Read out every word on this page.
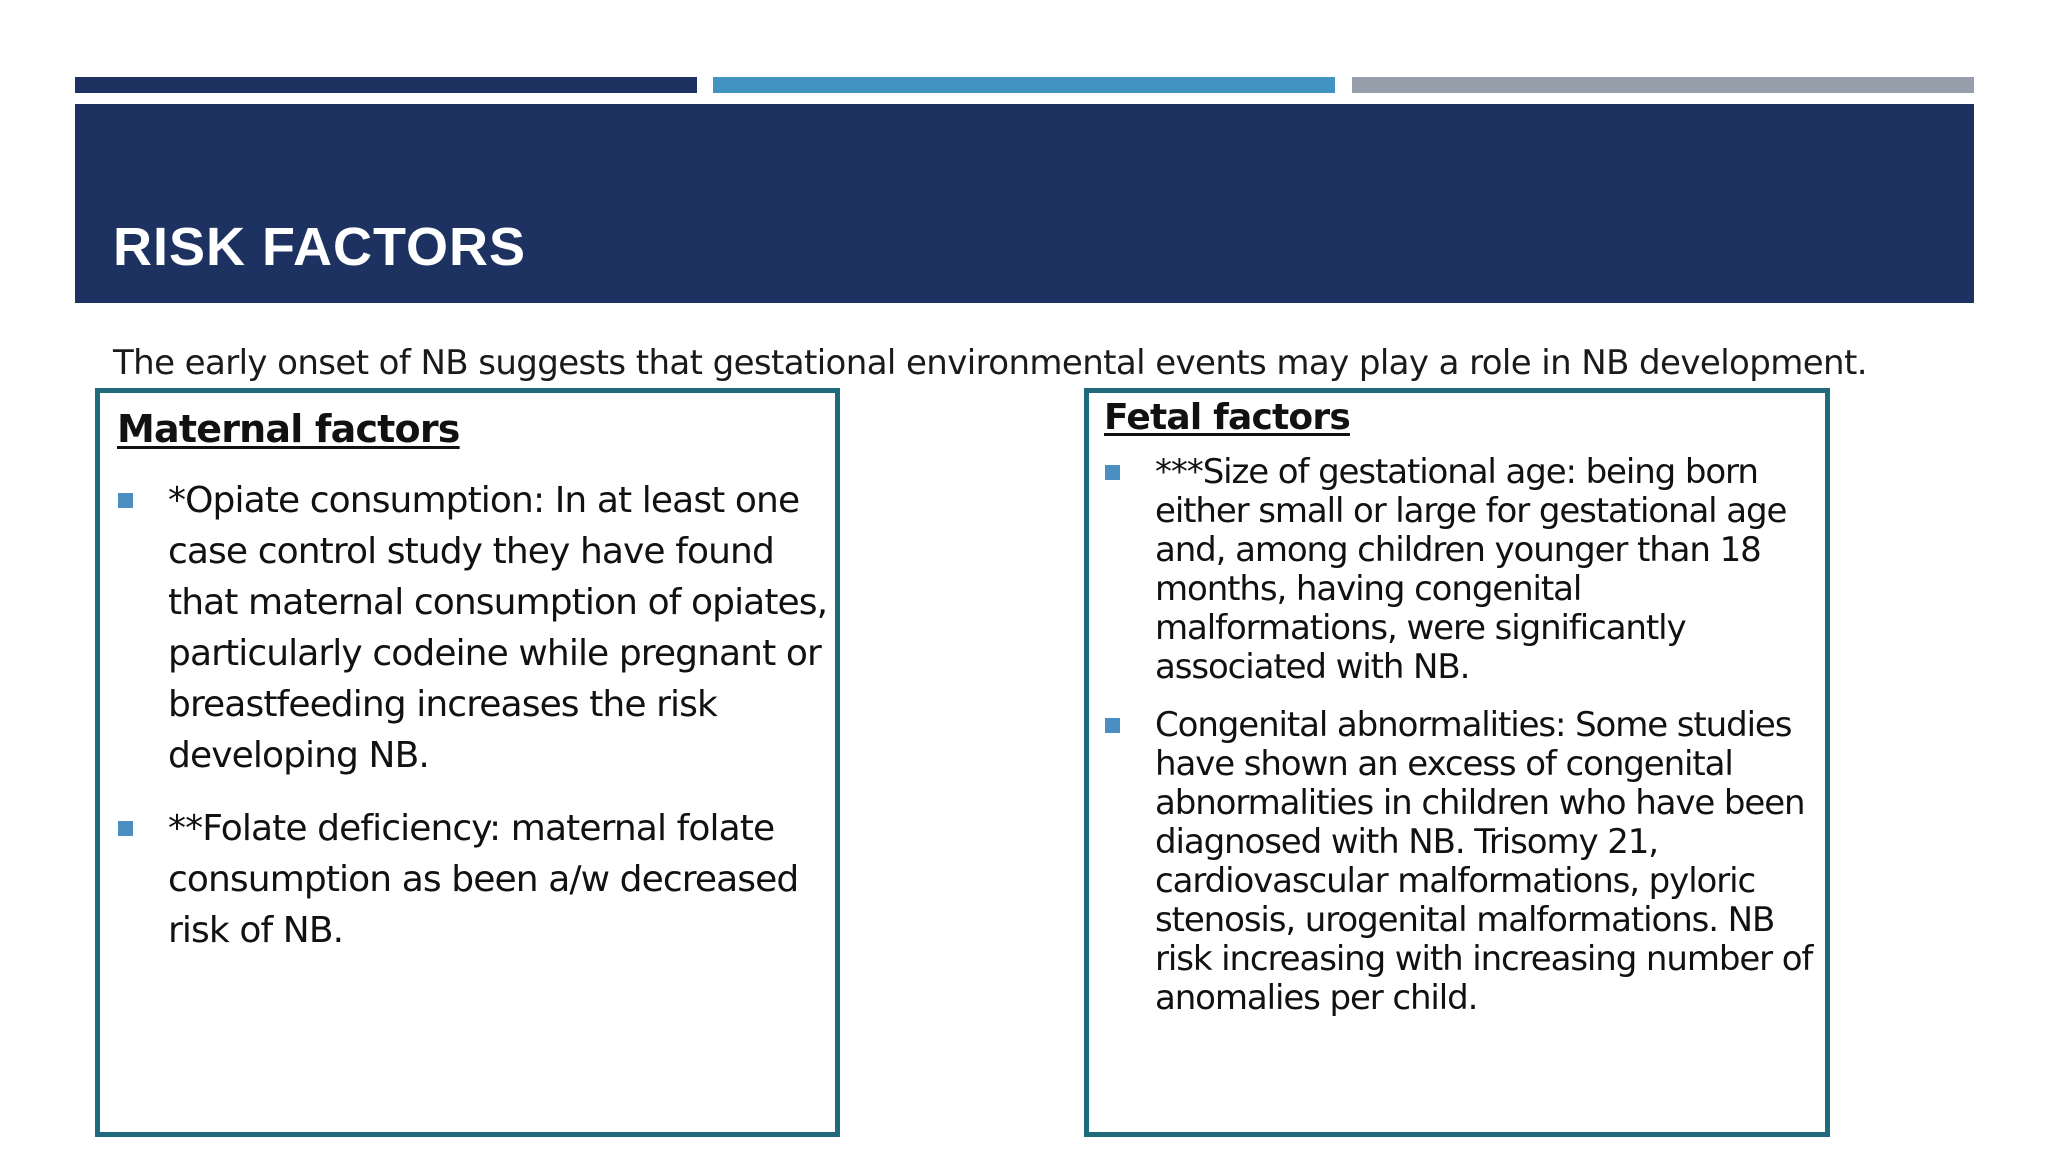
RISK FACTORS

The early onset of NB suggests that gestational environmental events may play a role in NB development.

Maternal factors
*Opiate consumption: In at least one case control study they have found that maternal consumption of opiates, particularly codeine while pregnant or breastfeeding increases the risk developing NB.
**Folate deficiency: maternal folate consumption as been a/w decreased risk of NB.
Fetal factors
***Size of gestational age: being born either small or large for gestational age and, among children younger than 18 months, having congenital malformations, were significantly associated with NB.
Congenital abnormalities: Some studies have shown an excess of congenital abnormalities in children who have been diagnosed with NB. Trisomy 21, cardiovascular malformations, pyloric stenosis, urogenital malformations. NB risk increasing with increasing number of anomalies per child.
